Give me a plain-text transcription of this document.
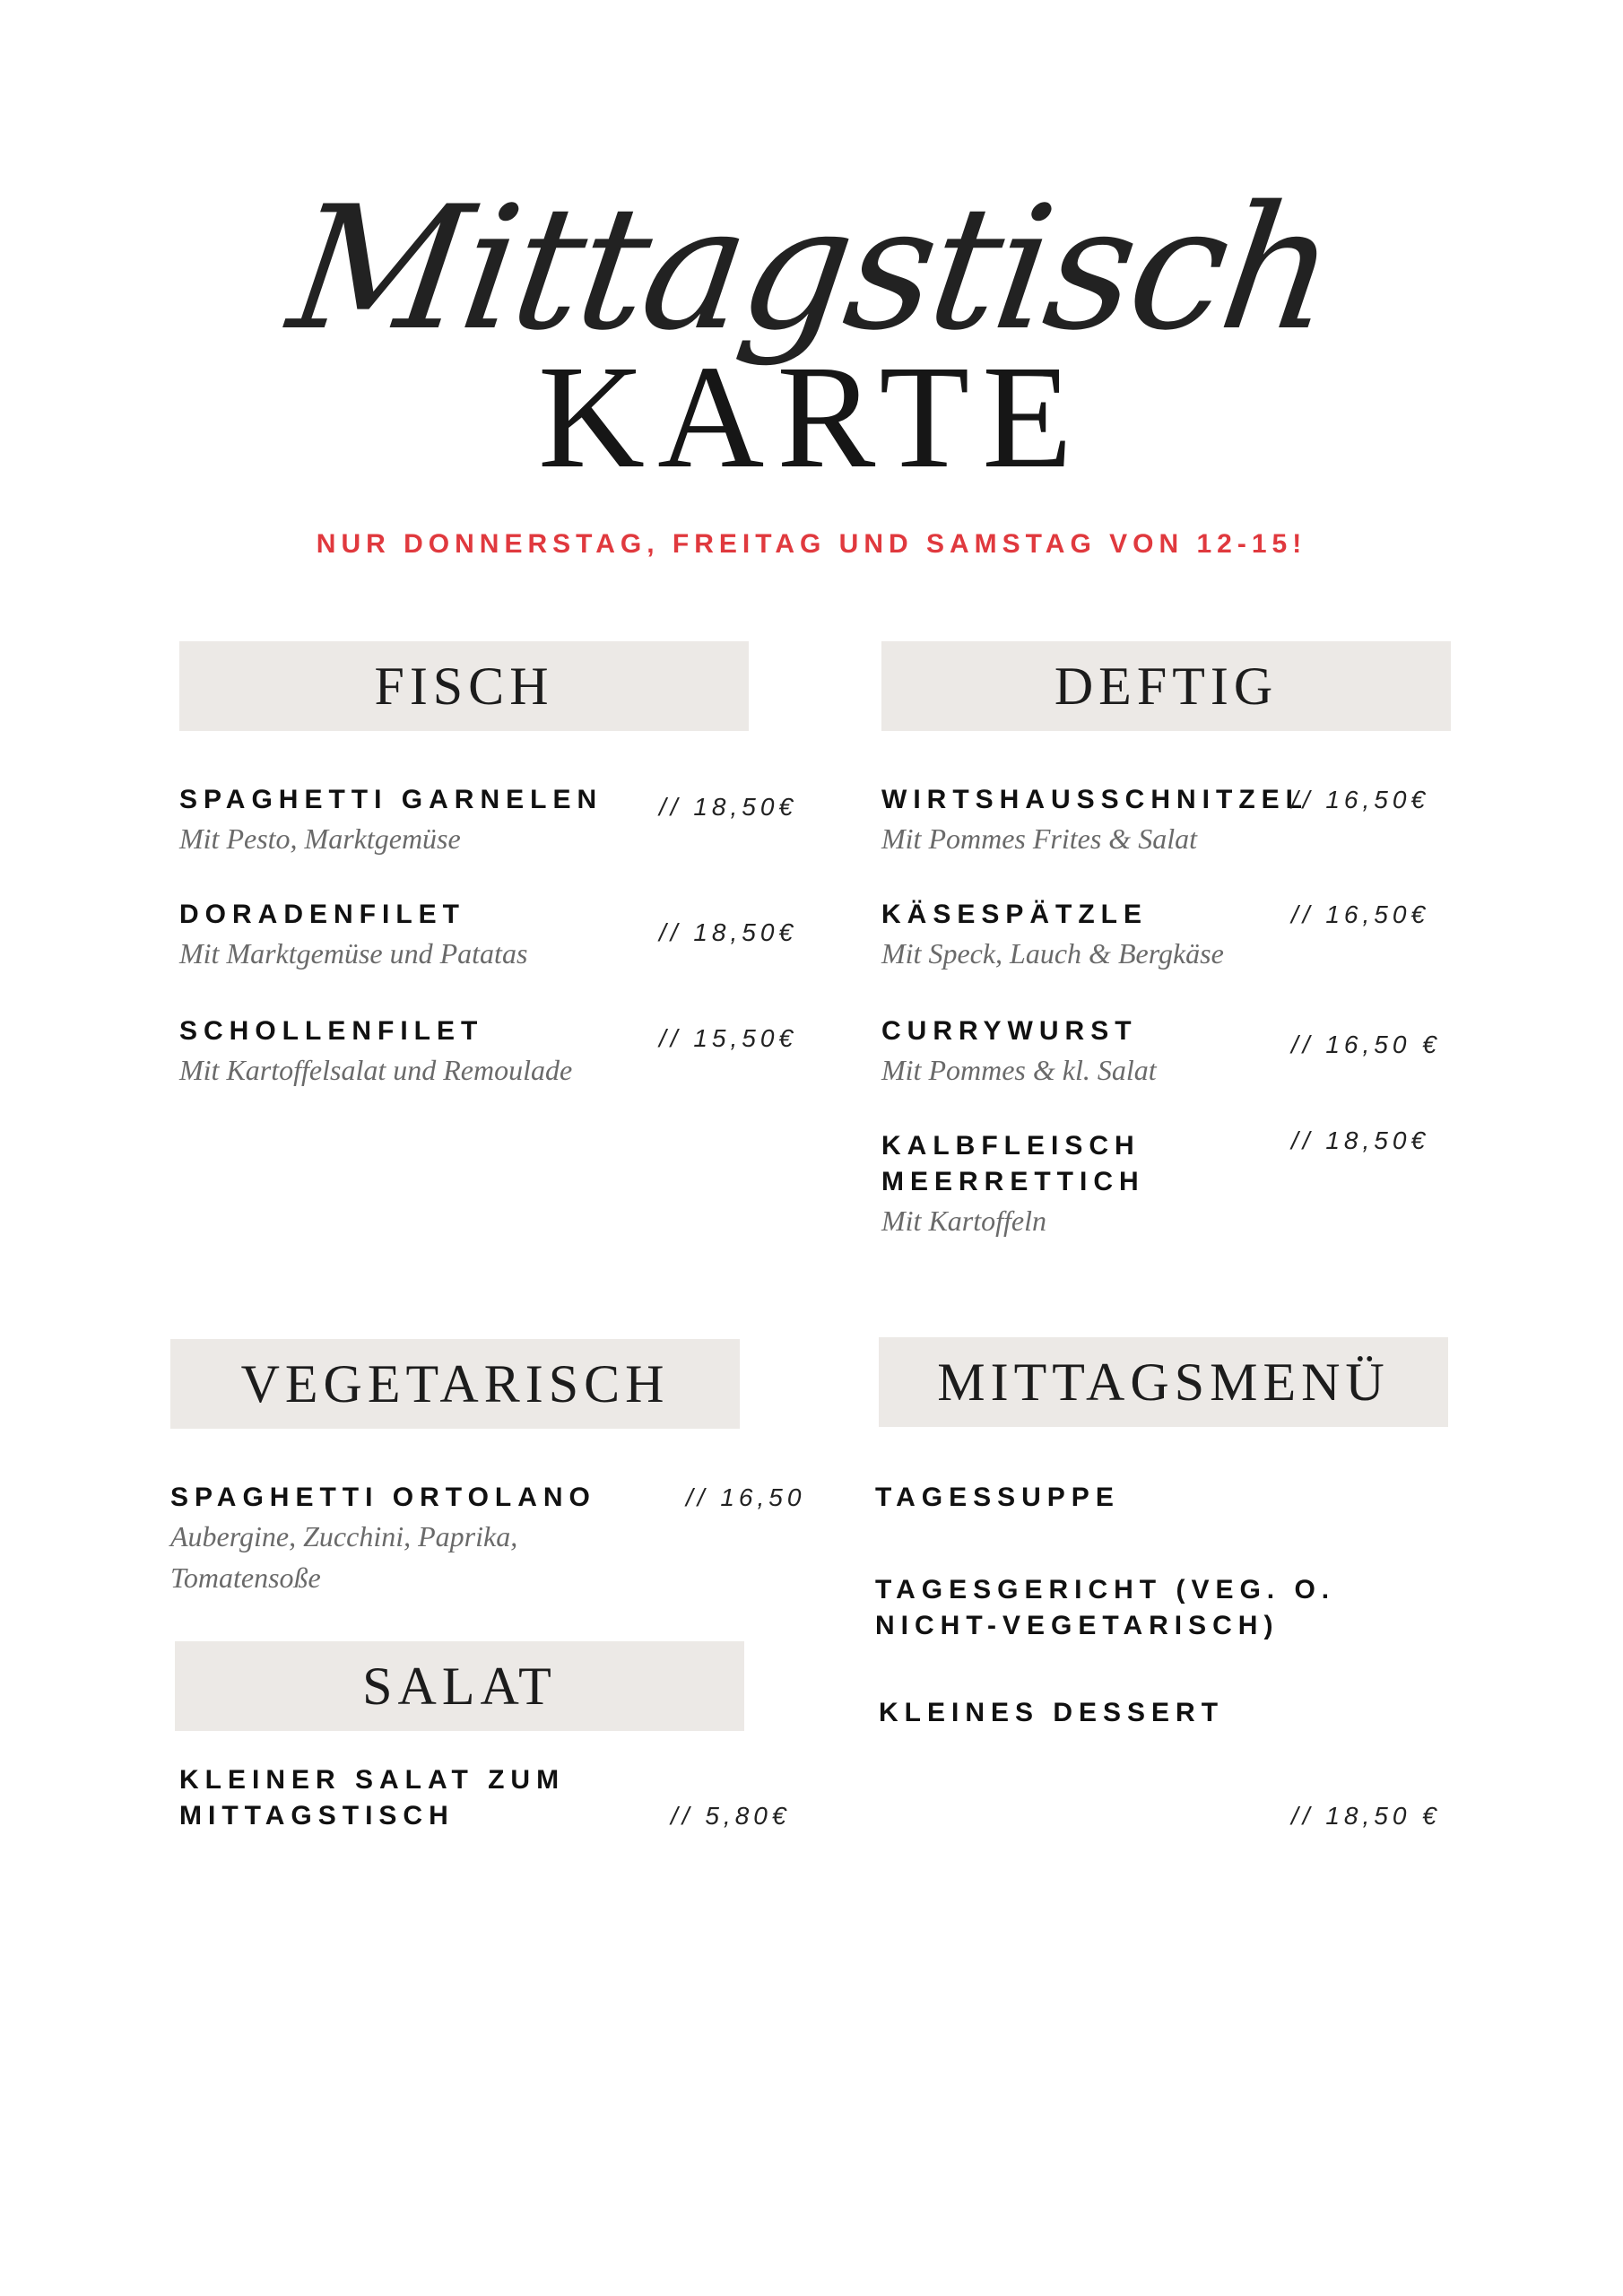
Mittagstisch
KARTE
NUR DONNERSTAG, FREITAG UND SAMSTAG VON 12-15!
FISCH
SPAGHETTI GARNELEN
Mit Pesto, Marktgemüse
// 18,50€
DORADENFILET
Mit Marktgemüse und Patatas
// 18,50€
SCHOLLENFILET
Mit Kartoffelsalat und Remoulade
// 15,50€
DEFTIG
WIRTSHAUSSCHNITZEL
Mit Pommes Frites & Salat
// 16,50€
KÄSESPÄTZLE
Mit Speck, Lauch & Bergkäse
// 16,50€
CURRYWURST
Mit Pommes & kl. Salat
// 16,50 €
KALBFLEISCH
MEERRETTICH
Mit Kartoffeln
// 18,50€
VEGETARISCH
SPAGHETTI ORTOLANO
Aubergine, Zucchini, Paprika,
Tomatensoße
// 16,50
SALAT
KLEINER SALAT ZUM
MITTAGSTISCH	// 5,80€
MITTAGSMENÜ
TAGESSUPPE
TAGESGERICHT (VEG. O.
NICHT-VEGETARISCH)
KLEINES DESSERT
// 18,50 €
